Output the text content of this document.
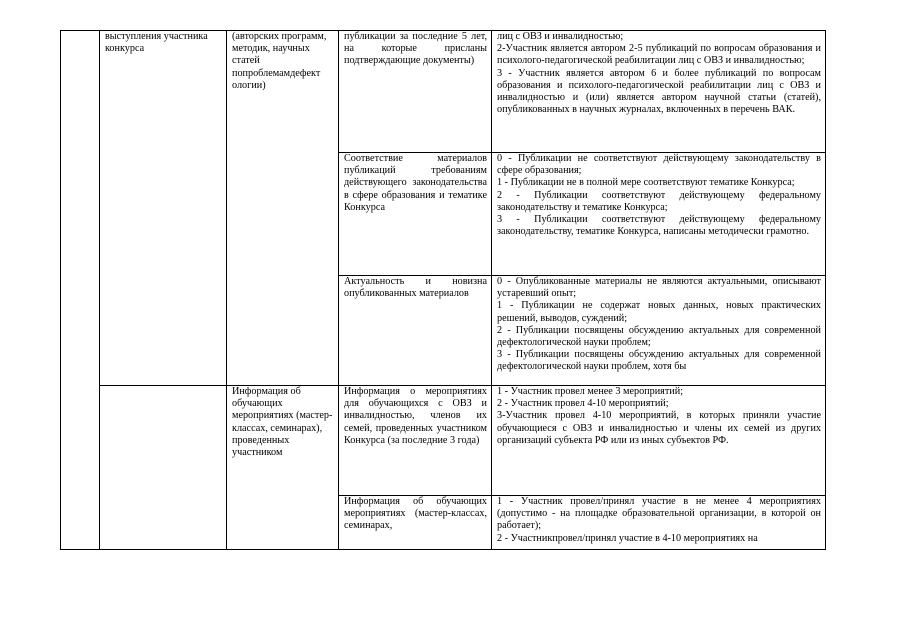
	выступления участника конкурса	(авторских программ, методик, научных статей попроблемамдефект ологии)	публикации за последние 5 лет, на которые присланы подтверждающие документы)	лиц с ОВЗ и инвалидностью;

2-Участник является автором 2-5 публикаций по вопросам образования и психолого-педагогической реабилитации лиц с ОВЗ и инвалидностью;

3 - Участник является автором 6 и более публикаций по вопросам образования и психолого-педагогической реабилитации лиц с ОВЗ и инвалидностью и (или) является автором научной статьи (статей), опубликованных в научных журналах, включенных в перечень ВАК.

			Соответствие материалов публикаций требованиям действующего законодательства в сфере образования и тематике Конкурса	0 - Публикации не соответствуют действующему законодательству в сфере образования;

1 - Публикации не в полной мере соответствуют тематике Конкурса;

2 - Публикации соответствуют действующему федеральному законодательству и тематике Конкурса;

3 - Публикации соответствуют действующему федеральному законодательству, тематике Конкурса, написаны методически грамотно.

			Актуальность и новизна опубликованных материалов	0 - Опубликованные материалы не являются актуальными, описывают устаревший опыт;

1 - Публикации не содержат новых данных, новых практических решений, выводов, суждений;

2 - Публикации посвящены обсуждению актуальных для современной дефектологической науки проблем;

3 - Публикации посвящены обсуждению актуальных для современной дефектологической науки проблем, хотя бы

		Информация об обучающих мероприятиях (мастер-классах, семинарах), проведенных участником	Информация о мероприятиях для обучающихся с ОВЗ и инвалидностью, членов их семей, проведенных участником Конкурса (за последние 3 года)	1 - Участник провел менее 3 мероприятий;

2 - Участник провел 4-10 мероприятий;

3-Участник провел 4-10 мероприятий, в которых приняли участие обучающиеся с ОВЗ и инвалидностью и члены их семей из других организаций субъекта РФ или из иных субъектов РФ.

			Информация об обучающих мероприятиях (мастер-классах, семинарах,	1 - Участник провел/принял участие в не менее 4 мероприятиях (допустимо - на площадке образовательной организации, в которой он работает);

2 - Участникпровел/принял участие в 4-10 мероприятиях на
